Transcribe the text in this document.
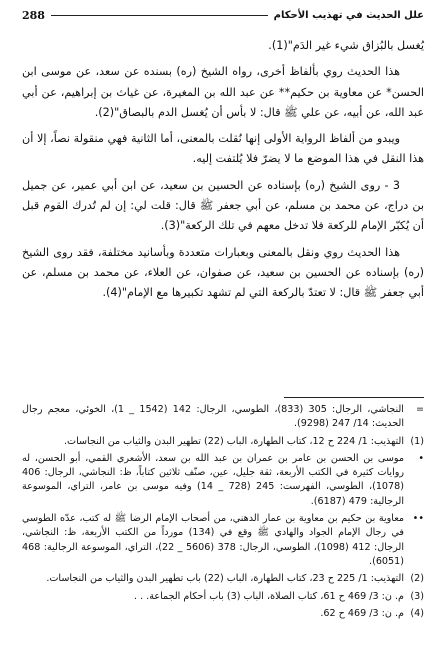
288	علل الحديث في تهذيب الأحكام

يُغسل بالبُزاق شيء غير الدَم"(1).

هذا الحديث روي بألفاظ أخرى، رواه الشيخ (ره) بسنده عن سعد، عن موسى ابن الحسن* عن معاوية بن حكيم** عن عبد الله بن المغيرة، عن غياث بن إبراهيم، عن أبي عبد الله، عن أبيه، عن علي ﷺ قال: لا بأس أن يُغسل الدم بالبصاق"(2).

ويبدو من ألفاظ الرواية الأولى إنها نُقلت بالمعنى، أما الثانية فهي منقولة نصاً، إلا أن هذا النقل في هذا الموضع ما لا يضرّ فلا يُلتفت إليه.

3 - روى الشيخ (ره) بإسناده عن الحسين بن سعيد، عن ابن أبي عمير، عن جميل بن دراج، عن محمد بن مسلم، عن أبي جعفر ﷺ قال: قلت لي: إن لم تُدرك القوم قبل أن يُكبّر الإمام للركعة فلا تدخل معهم في تلك الركعة"(3).

هذا الحديث روي ونقل بالمعنى وبعبارات متعددة وبأسانيد مختلفة، فقد روى الشيخ (ره) بإسناده عن الحسين بن سعيد، عن صفوان، عن العلاء، عن محمد بن مسلم، عن أبي جعفر ﷺ قال: لا تعتدّ بالركعة التي لم تشهد تكبيرها مع الإمام"(4).

=
النجاشي، الرجال: 305 (833)، الطوسي، الرجال: 142 (1542 _ 1)، الخوئي، معجم رجال الحديث: 14/ 247 (9298).
(1)
التهذيب: 1/ 224 ح 12، كتاب الطهارة، الباب (22) تطهير البدن والثياب من النجاسات.
•
موسى بن الحسن بن عامر بن عمران بن عبد الله بن سعد، الأشعري القمي، أبو الحسن، له روايات كثيرة في الكتب الأربعة، ثقة جليل، عين، صنّف ثلاثين كتاباً، ظ: النجاشي، الرجال: 406 (1078)، الطوسي، الفهرست: 245 (728 _ 14) وفيه موسى بن عامر، التراي، الموسوعة الرجالية: 479 (6187).
••
معاوية بن حكيم بن معاوية بن عمار الدهني، من أصحاب الإمام الرضا ﷺ له كتب، عدّه الطوسي في رجال الإمام الجواد والهادي ﷺ وقع في (134) مورداً من الكتب الأربعة، ظ: النجاشي، الرجال: 412 (1098)، الطوسي، الرجال: 378 (5606 _ 22)، التراي، الموسوعة الرجالية: 468 (6051).
(2)
التهذيب: 1/ 225 ح 23، كتاب الطهارة، الباب (22) باب تطهير البدن والثياب من النجاسات.
(3)
م. ن: 3/ 469 ح 61، كتاب الصلاة، الباب (3) باب أحكام الجماعة. . .
(4)
م. ن: 3/ 469 ح 62.
